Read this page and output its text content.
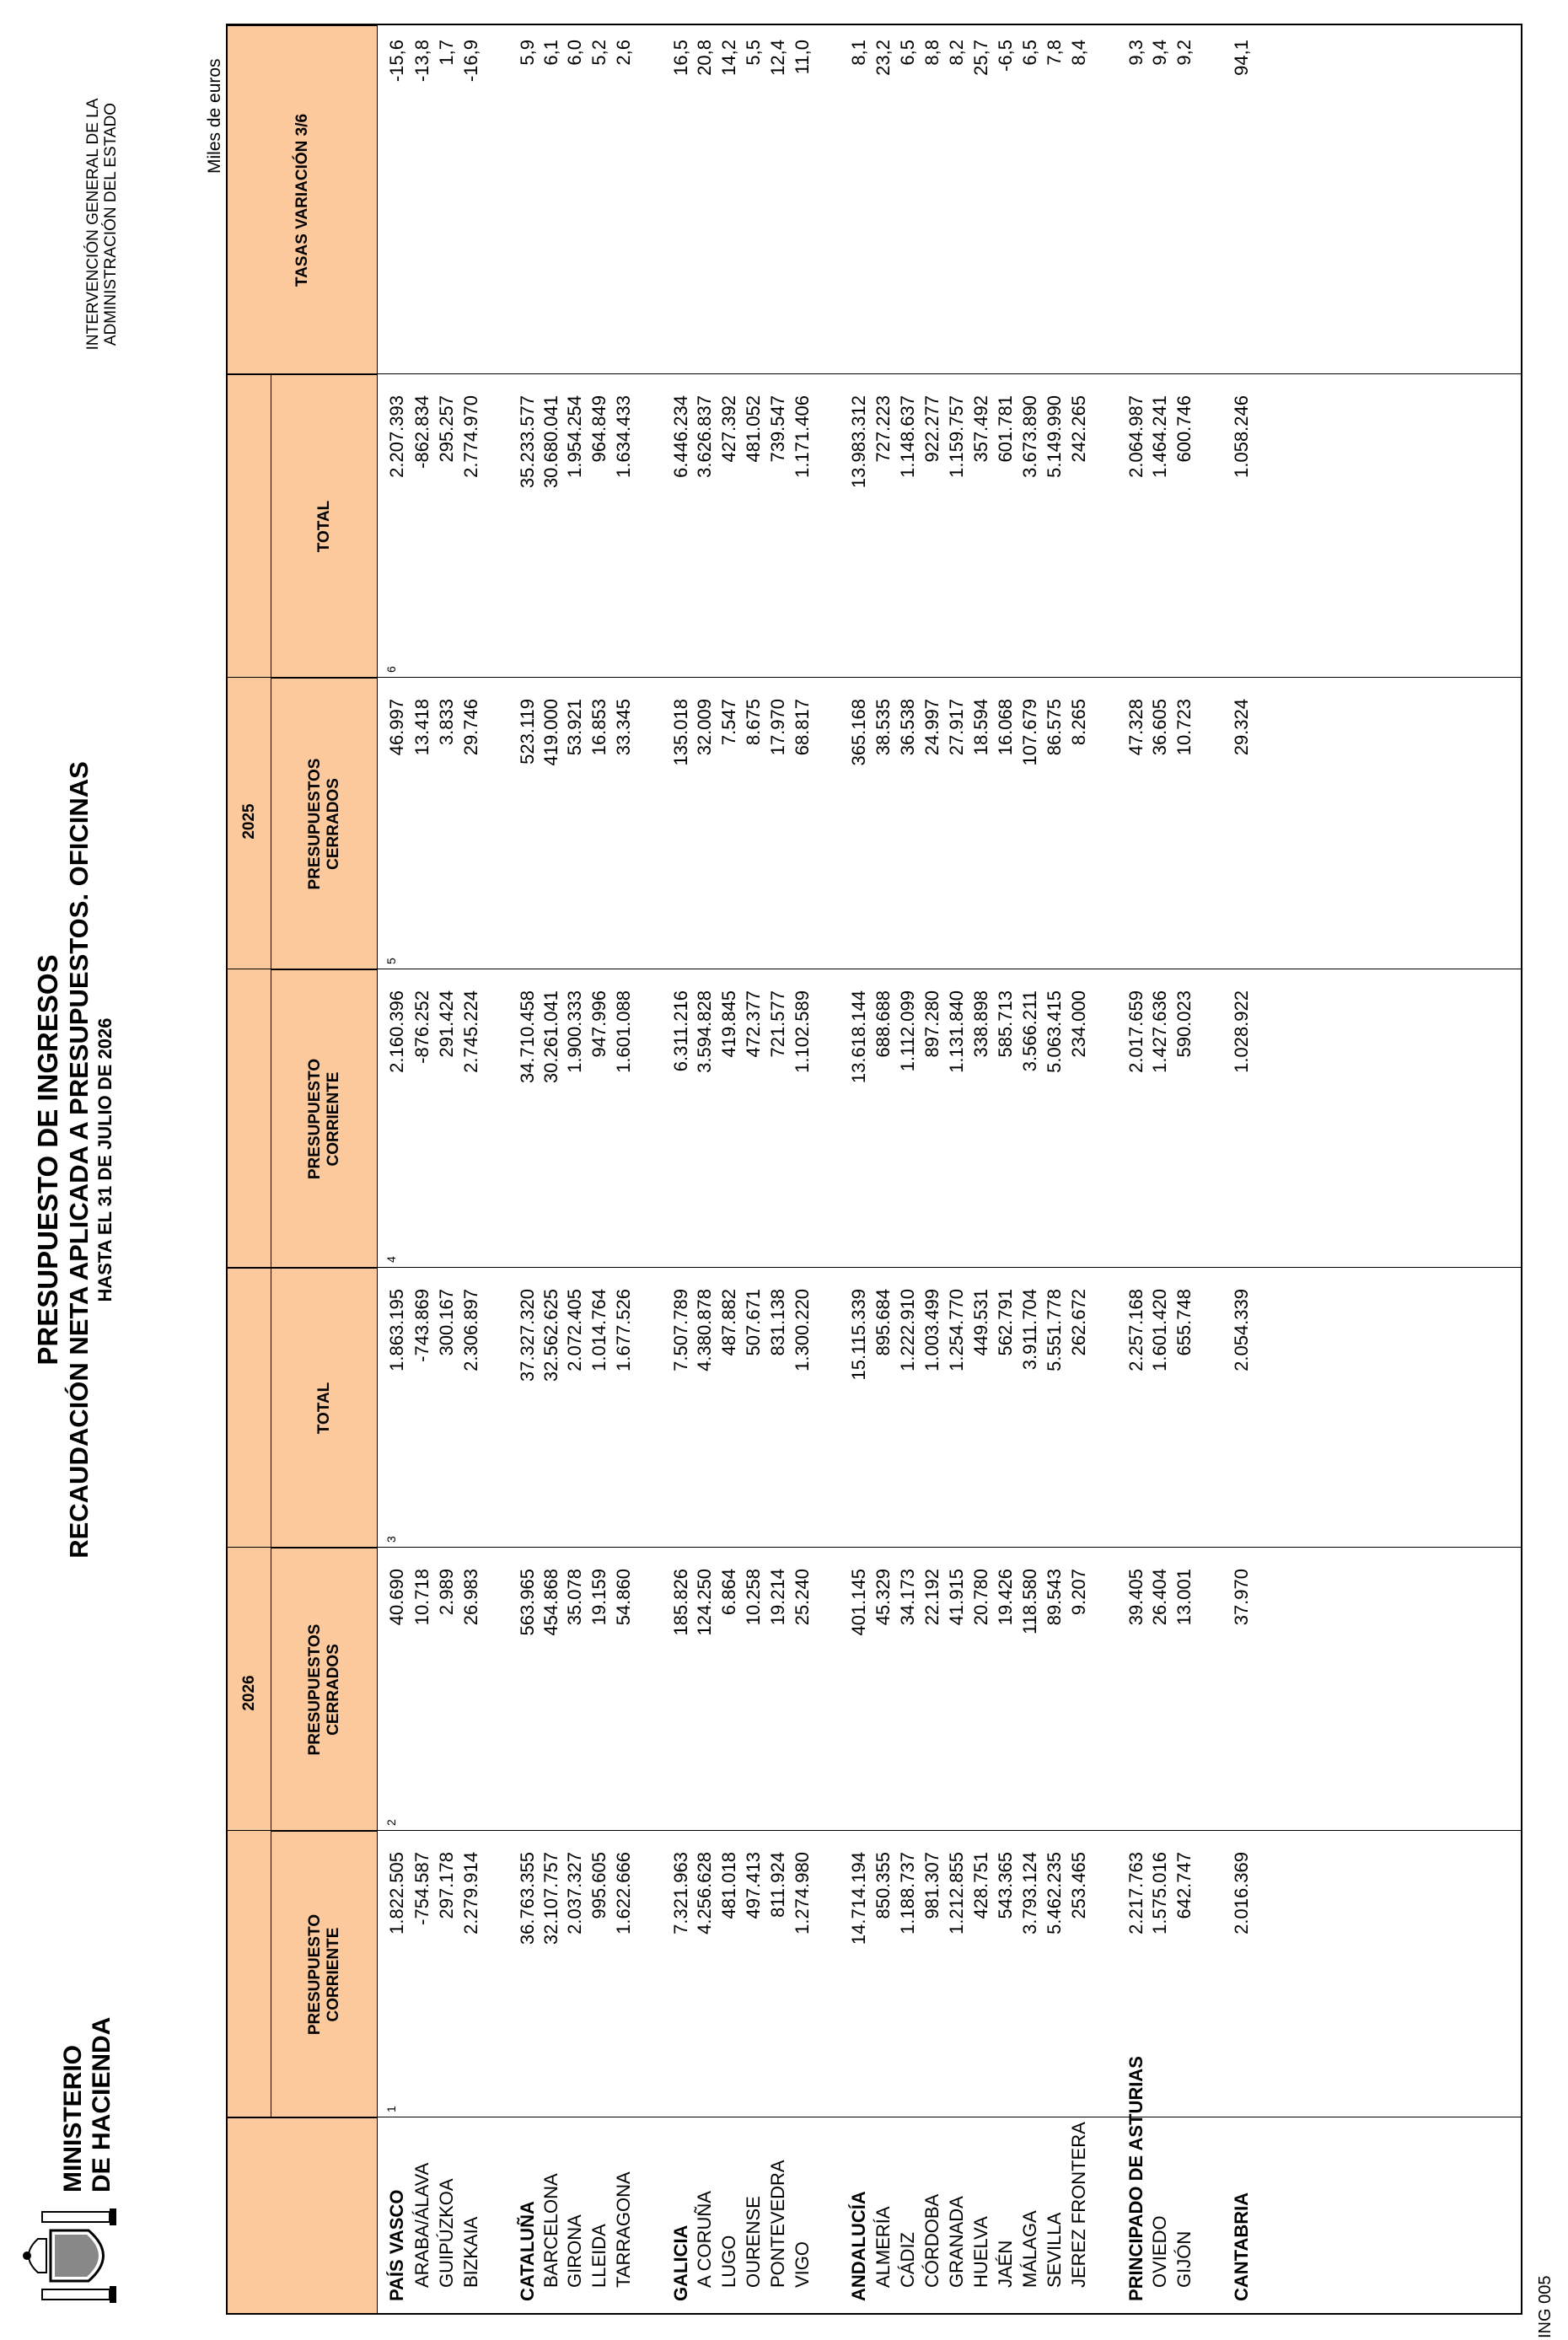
MINISTERIO DE HACIENDA
PRESUPUESTO DE INGRESOS RECAUDACIÓN NETA APLICADA A PRESUPUESTOS. OFICINAS HASTA EL 31 DE JULIO DE 2026
INTERVENCIÓN GENERAL DE LA ADMINISTRACIÓN DEL ESTADO	Miles de euros
2026
2025
TASAS VARIACIÓN 3/6
PRESUPUESTO CORRIENTE
PRESUPUESTOS CERRADOS
TOTAL
PRESUPUESTO CORRIENTE
PRESUPUESTOS CERRADOS
TOTAL
1
2
3
4
5
6
PAÍS VASCO
1.822.505
40.690
1.863.195
2.160.396
46.997
2.207.393
-15,6
ARABA/ÁLAVA
-754.587
10.718
-743.869
-876.252
13.418
-862.834
-13,8
GUIPÚZKOA
297.178
2.989
300.167
291.424
3.833
295.257
1,7
BIZKAIA
2.279.914
26.983
2.306.897
2.745.224
29.746
2.774.970
-16,9
CATALUÑA
36.763.355
563.965
37.327.320
34.710.458
523.119
35.233.577
5,9
BARCELONA
32.107.757
454.868
32.562.625
30.261.041
419.000
30.680.041
6,1
GIRONA
2.037.327
35.078
2.072.405
1.900.333
53.921
1.954.254
6,0
LLEIDA
995.605
19.159
1.014.764
947.996
16.853
964.849
5,2
TARRAGONA
1.622.666
54.860
1.677.526
1.601.088
33.345
1.634.433
2,6
GALICIA
7.321.963
185.826
7.507.789
6.311.216
135.018
6.446.234
16,5
A CORUÑA
4.256.628
124.250
4.380.878
3.594.828
32.009
3.626.837
20,8
LUGO
481.018
6.864
487.882
419.845
7.547
427.392
14,2
OURENSE
497.413
10.258
507.671
472.377
8.675
481.052
5,5
PONTEVEDRA
811.924
19.214
831.138
721.577
17.970
739.547
12,4
VIGO
1.274.980
25.240
1.300.220
1.102.589
68.817
1.171.406
11,0
ANDALUCÍA
14.714.194
401.145
15.115.339
13.618.144
365.168
13.983.312
8,1
ALMERÍA
850.355
45.329
895.684
688.688
38.535
727.223
23,2
CÁDIZ
1.188.737
34.173
1.222.910
1.112.099
36.538
1.148.637
6,5
CÓRDOBA
981.307
22.192
1.003.499
897.280
24.997
922.277
8,8
GRANADA
1.212.855
41.915
1.254.770
1.131.840
27.917
1.159.757
8,2
HUELVA
428.751
20.780
449.531
338.898
18.594
357.492
25,7
JAÉN
543.365
19.426
562.791
585.713
16.068
601.781
-6,5
MÁLAGA
3.793.124
118.580
3.911.704
3.566.211
107.679
3.673.890
6,5
SEVILLA
5.462.235
89.543
5.551.778
5.063.415
86.575
5.149.990
7,8
JEREZ FRONTERA
253.465
9.207
262.672
234.000
8.265
242.265
8,4
PRINCIPADO DE ASTURIAS
2.217.763
39.405
2.257.168
2.017.659
47.328
2.064.987
9,3
OVIEDO
1.575.016
26.404
1.601.420
1.427.636
36.605
1.464.241
9,4
GIJÓN
642.747
13.001
655.748
590.023
10.723
600.746
9,2
CANTABRIA
2.016.369
37.970
2.054.339
1.028.922
29.324
1.058.246
94,1
ING 005
